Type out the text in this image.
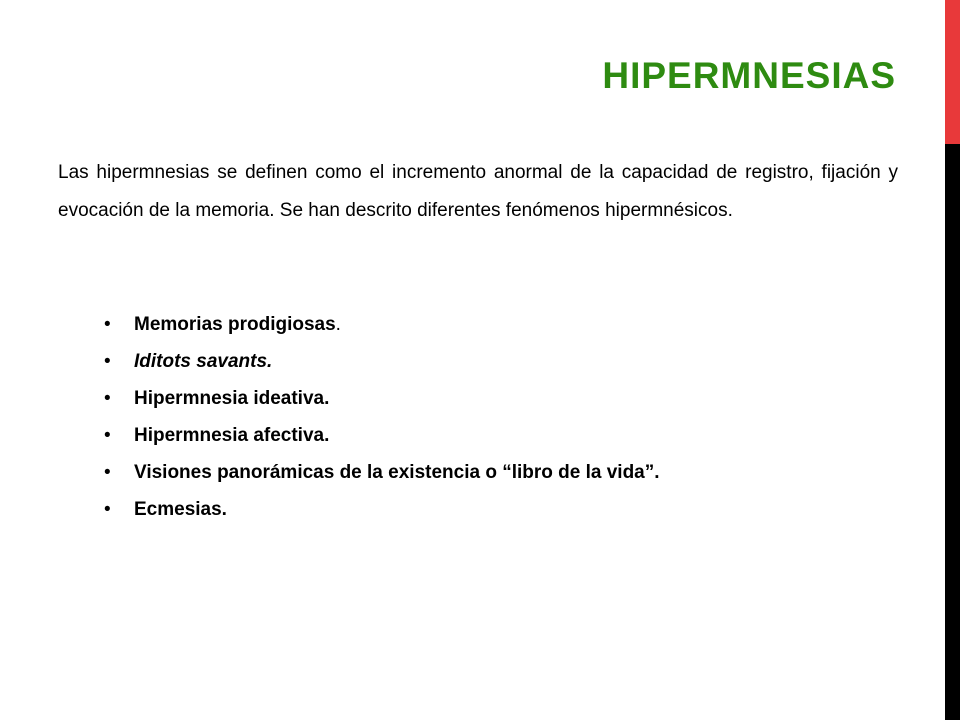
HIPERMNESIAS

Las hipermnesias se definen como el incremento anormal de la capacidad de registro, fijación y evocación de la memoria. Se han descrito diferentes fenómenos hipermnésicos.

• Memorias prodigiosas.
• Iditots savants.
• Hipermnesia ideativa.
• Hipermnesia afectiva.
• Visiones panorámicas de la existencia o “libro de la vida”.
• Ecmesias.
